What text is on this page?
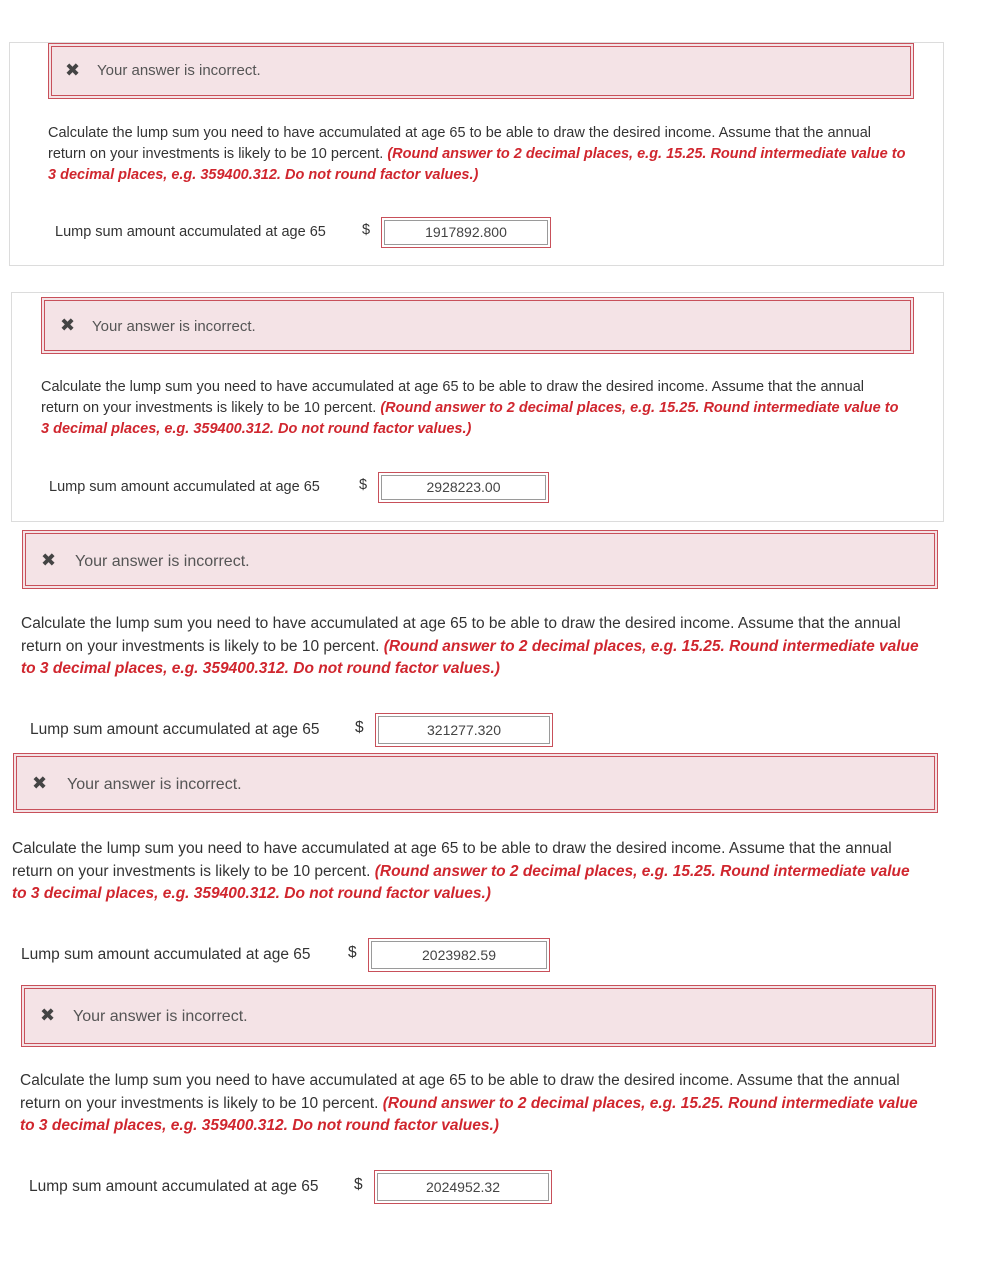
✖ Your answer is incorrect.
Calculate the lump sum you need to have accumulated at age 65 to be able to draw the desired income. Assume that the annual return on your investments is likely to be 10 percent. (Round answer to 2 decimal places, e.g. 15.25. Round intermediate value to 3 decimal places, e.g. 359400.312. Do not round factor values.)
Lump sum amount accumulated at age 65 $	1917892.800
✖ Your answer is incorrect.
Calculate the lump sum you need to have accumulated at age 65 to be able to draw the desired income. Assume that the annual return on your investments is likely to be 10 percent. (Round answer to 2 decimal places, e.g. 15.25. Round intermediate value to 3 decimal places, e.g. 359400.312. Do not round factor values.)
Lump sum amount accumulated at age 65	$	2928223.00
✖ Your answer is incorrect.
Calculate the lump sum you need to have accumulated at age 65 to be able to draw the desired income. Assume that the annual return on your investments is likely to be 10 percent. (Round answer to 2 decimal places, e.g. 15.25. Round intermediate value to 3 decimal places, e.g. 359400.312. Do not round factor values.)
Lump sum amount accumulated at age 65 $	321277.320
✖ Your answer is incorrect.
Calculate the lump sum you need to have accumulated at age 65 to be able to draw the desired income. Assume that the annual return on your investments is likely to be 10 percent. (Round answer to 2 decimal places, e.g. 15.25. Round intermediate value to 3 decimal places, e.g. 359400.312. Do not round factor values.)
Lump sum amount accumulated at age 65 $	2023982.59
✖ Your answer is incorrect.
Calculate the lump sum you need to have accumulated at age 65 to be able to draw the desired income. Assume that the annual return on your investments is likely to be 10 percent. (Round answer to 2 decimal places, e.g. 15.25. Round intermediate value to 3 decimal places, e.g. 359400.312. Do not round factor values.)
Lump sum amount accumulated at age 65 $	2024952.32
